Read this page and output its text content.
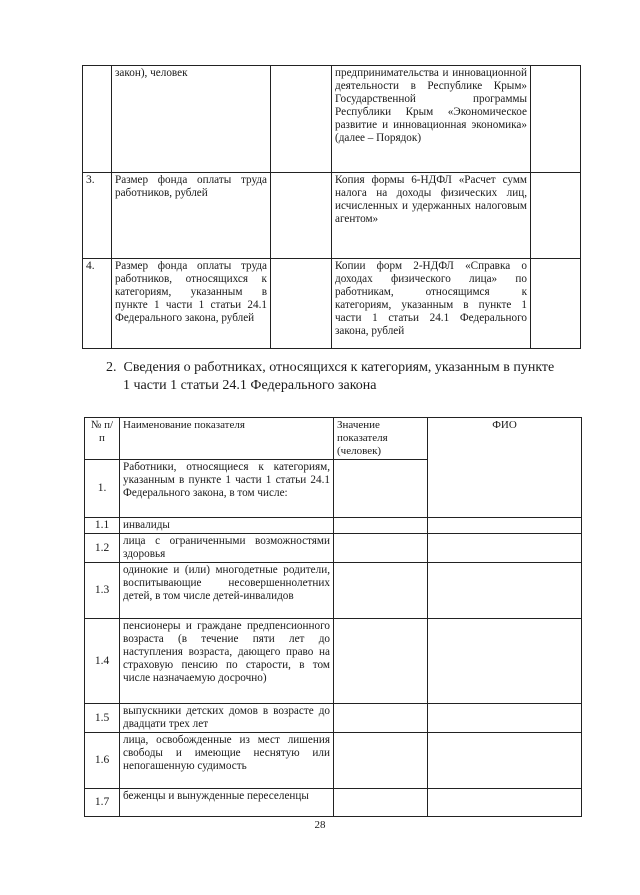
	закон), человек		предпринимательства и инновационной деятельности в Республике Крым» Государственной программы Республики Крым «Экономическое развитие и инновационная экономика» (далее – Порядок)	
3.	Размер фонда оплаты труда работников, рублей		Копия формы 6-НДФЛ «Расчет сумм налога на доходы физических лиц, исчисленных и удержанных налоговым агентом»	
4.	Размер фонда оплаты труда работников, относящихся к категориям, указанным в пункте 1 части 1 статьи 24.1 Федерального закона, рублей		Копии форм 2-НДФЛ «Справка о доходах физического лица» по работникам, относящимся к категориям, указанным в пункте 1 части 1 статьи 24.1 Федерального закона, рублей	
2. Сведения о работниках, относящихся к категориям, указанным в пункте
1 части 1 статьи 24.1 Федерального закона
№ п/п	Наименование показателя	Значение показателя (человек)	ФИО
1.	Работники, относящиеся к категориям, указанным в пункте 1 части 1 статьи 24.1 Федерального закона, в том числе:		
1.1	инвалиды		
1.2	лица с ограниченными возможностями здоровья		
1.3	одинокие и (или) многодетные родители, воспитывающие несовершеннолетних детей, в том числе детей-инвалидов		
1.4	пенсионеры и граждане предпенсионного возраста (в течение пяти лет до наступления возраста, дающего право на страховую пенсию по старости, в том числе назначаемую досрочно)		
1.5	выпускники детских домов в возрасте до двадцати трех лет		
1.6	лица, освобожденные из мест лишения свободы и имеющие неснятую или непогашенную судимость		
1.7	беженцы и вынужденные переселенцы		
28
